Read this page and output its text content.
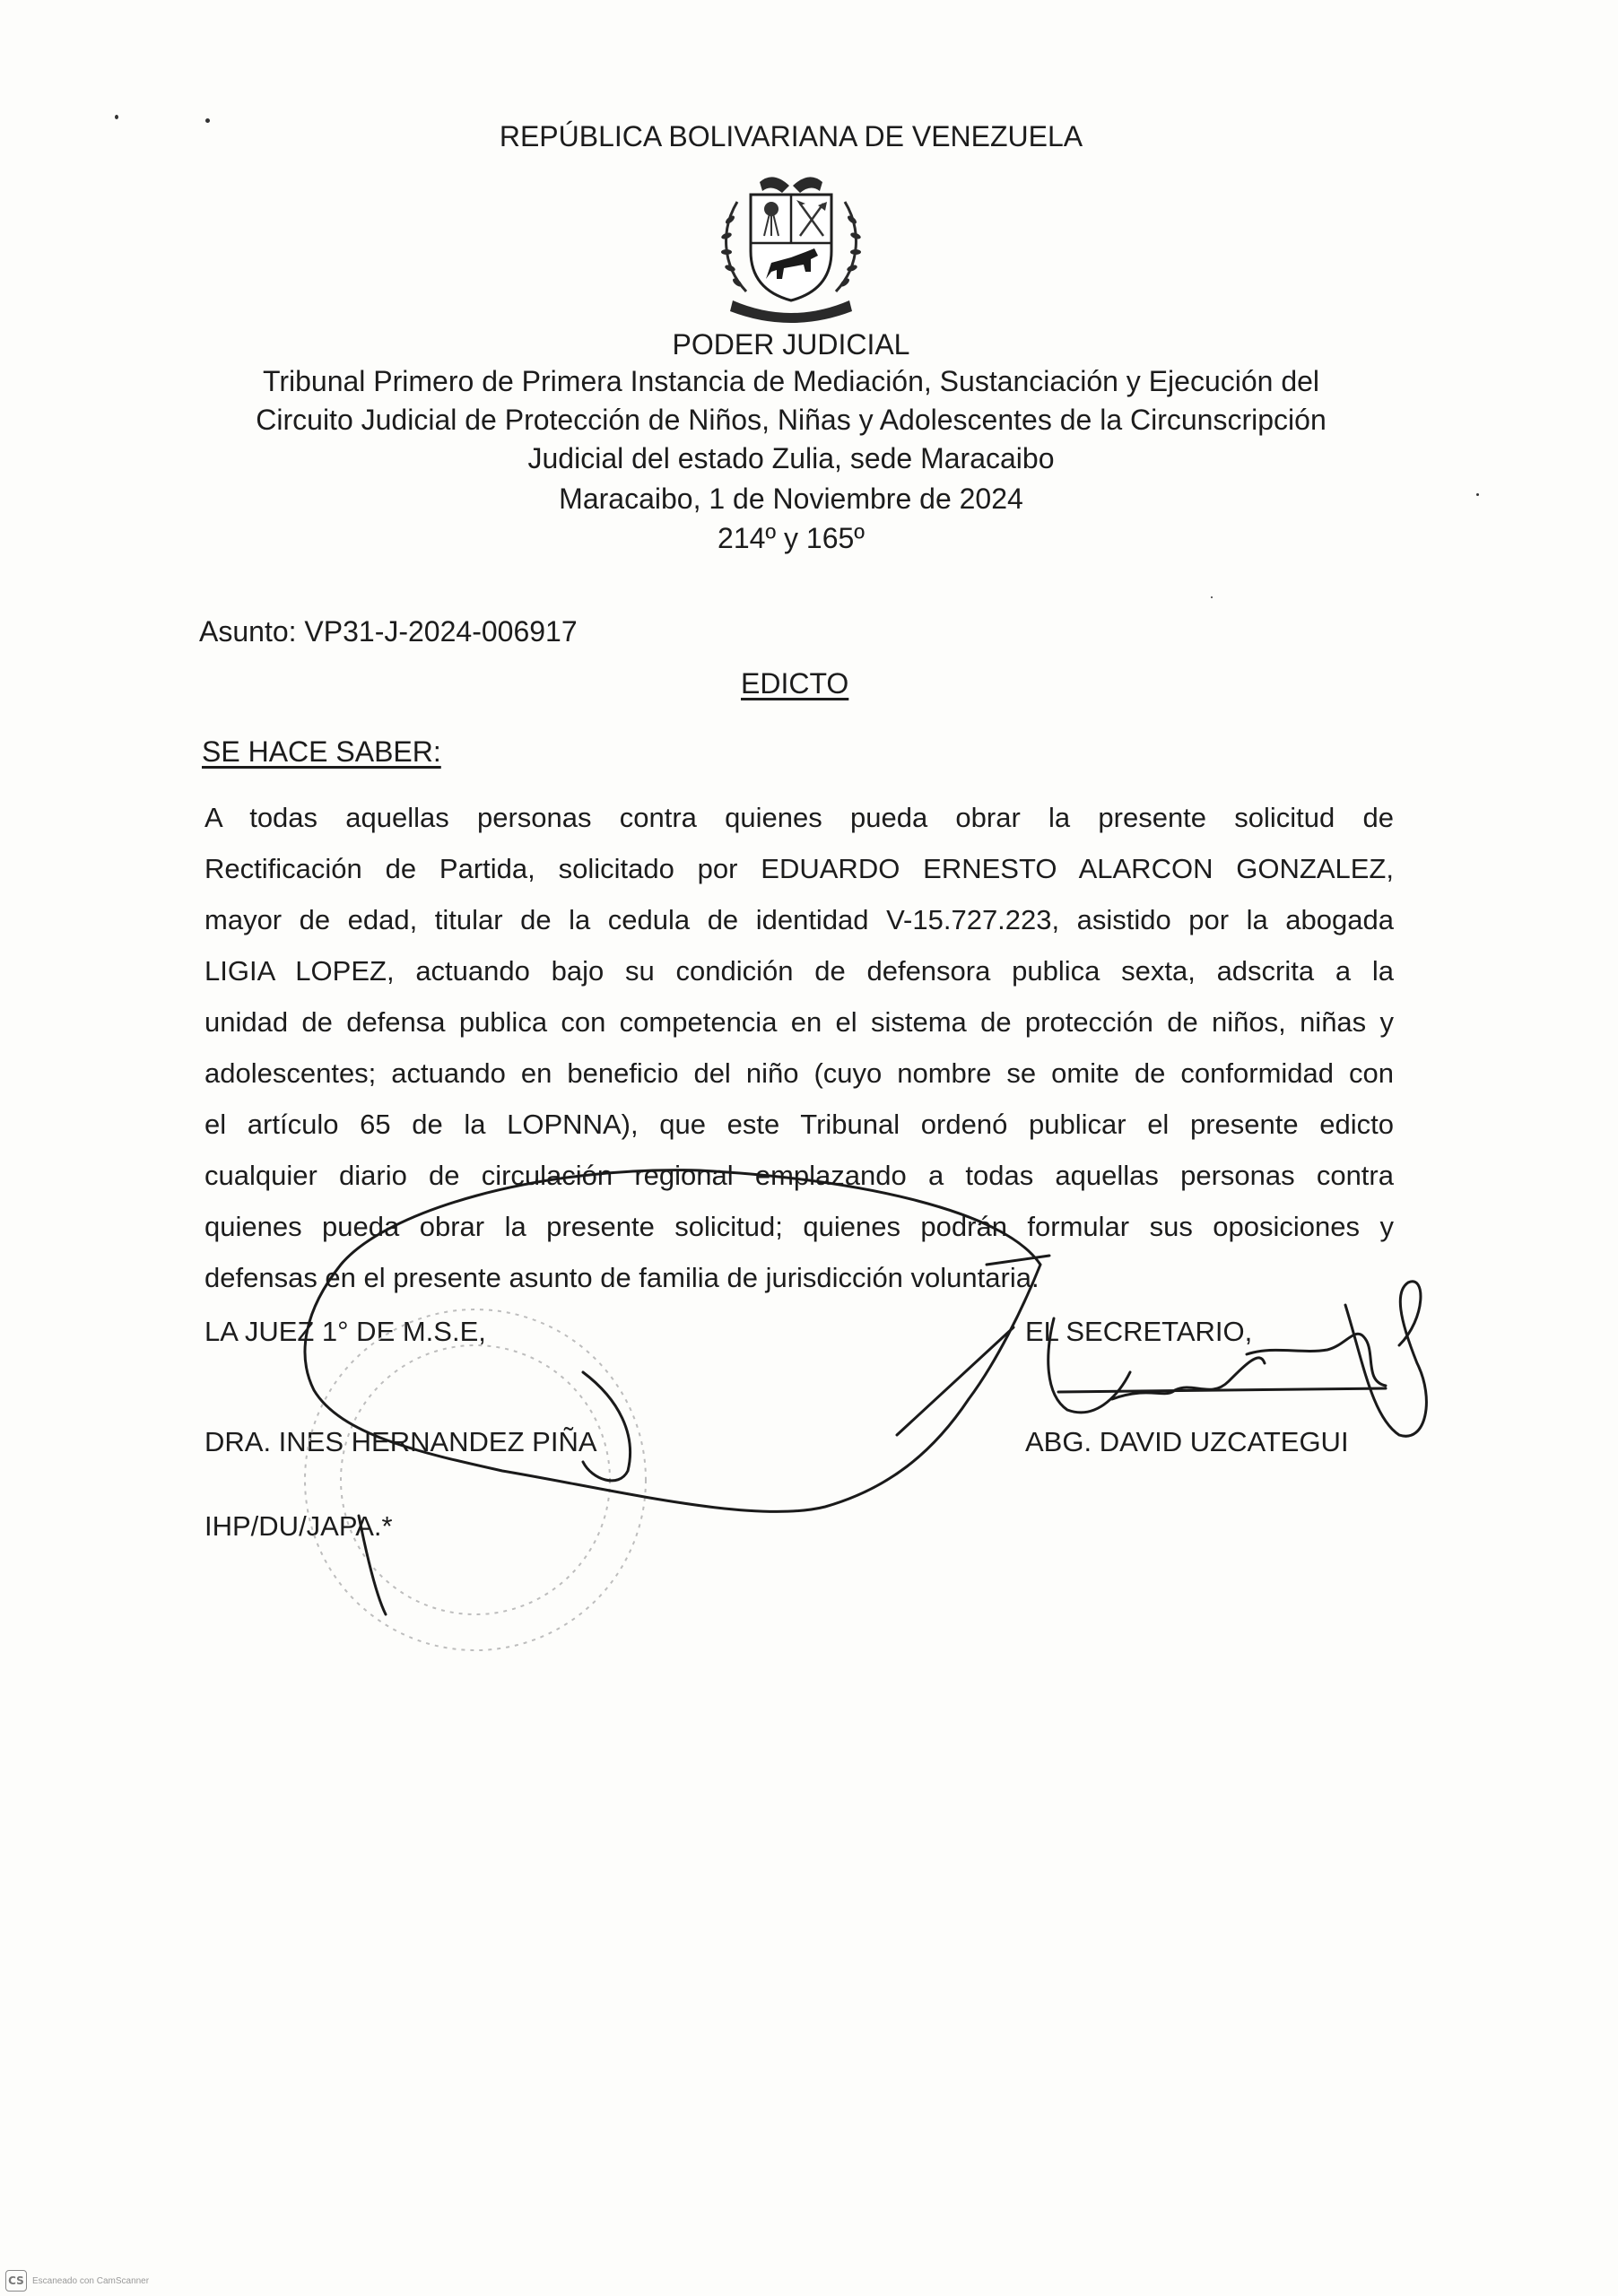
REPÚBLICA BOLIVARIANA DE VENEZUELA
PODER JUDICIAL
Tribunal Primero de Primera Instancia de Mediación, Sustanciación y Ejecución del
Circuito Judicial de Protección de Niños, Niñas y Adolescentes de la Circunscripción
Judicial del estado Zulia, sede Maracaibo
Maracaibo, 1 de Noviembre de 2024
214º y 165º
Asunto: VP31-J-2024-006917
EDICTO
SE HACE SABER:
A todas aquellas personas contra quienes pueda obrar la presente solicitud de
Rectificación de Partida, solicitado por EDUARDO ERNESTO ALARCON GONZALEZ,
mayor de edad, titular de la cedula de identidad V-15.727.223, asistido por la abogada
LIGIA LOPEZ, actuando bajo su condición de defensora publica sexta, adscrita a la
unidad de defensa publica con competencia en el sistema de protección de niños, niñas y
adolescentes; actuando en beneficio del niño (cuyo nombre se omite de conformidad con
el artículo 65 de la LOPNNA), que este Tribunal ordenó publicar el presente edicto
cualquier diario de circulación regional emplazando a todas aquellas personas contra
quienes pueda obrar la presente solicitud; quienes podrán formular sus oposiciones y
defensas en el presente asunto de familia de jurisdicción voluntaria.
LA JUEZ 1° DE M.S.E,
DRA. INES HERNANDEZ PIÑA
IHP/DU/JAPA.*
EL SECRETARIO,
ABG. DAVID UZCATEGUI
CS Escaneado con CamScanner
